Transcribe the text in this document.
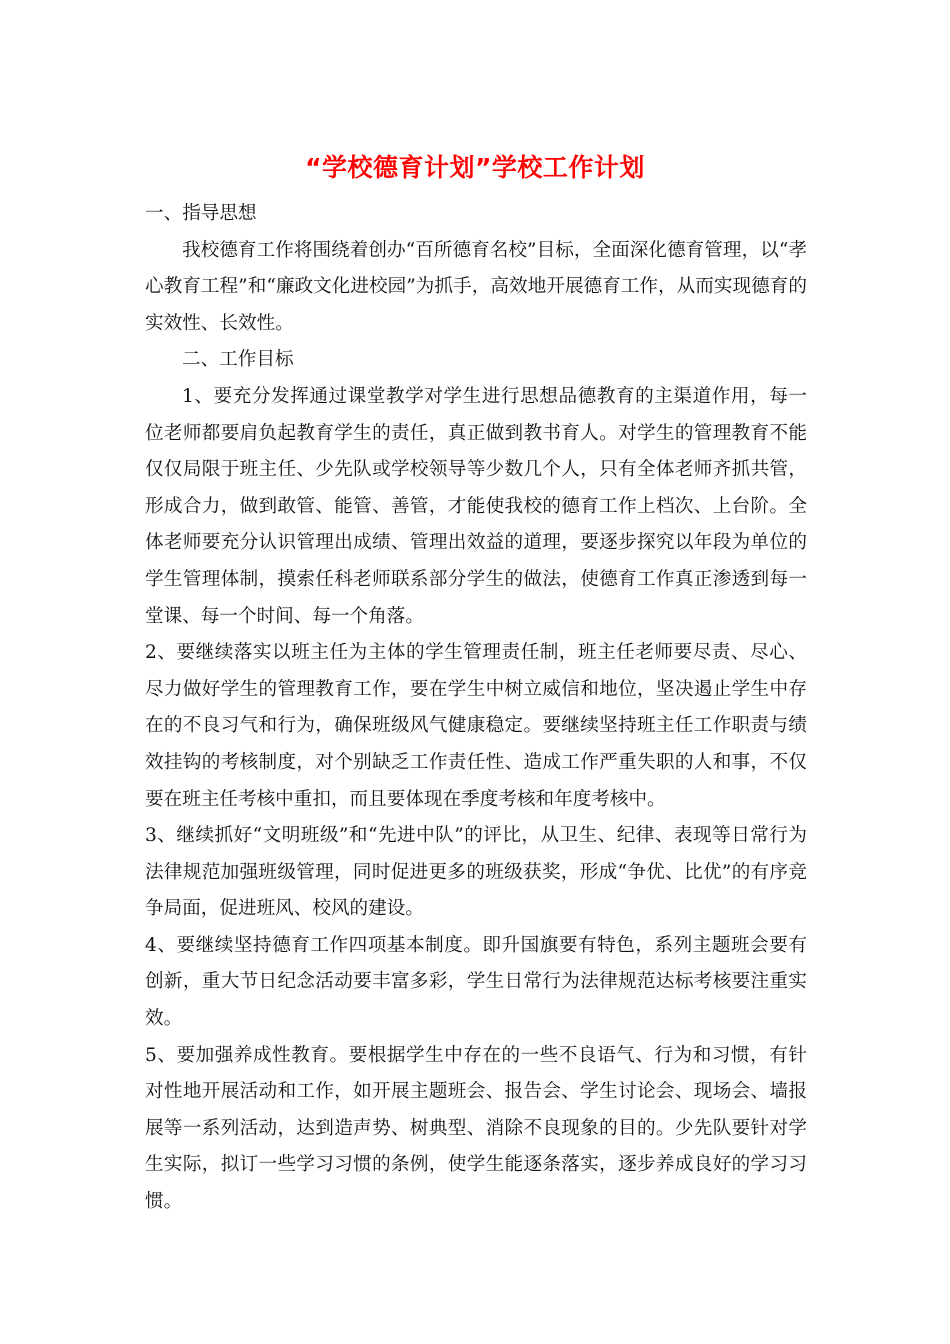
“学校德育计划”学校工作计划

一、指导思想

我校德育工作将围绕着创办“百所德育名校”目标，全面深化德育管理，以“孝心教育工程”和“廉政文化进校园”为抓手，高效地开展德育工作，从而实现德育的实效性、长效性。

二、工作目标

1、要充分发挥通过课堂教学对学生进行思想品德教育的主渠道作用，每一位老师都要肩负起教育学生的责任，真正做到教书育人。对学生的管理教育不能仅仅局限于班主任、少先队或学校领导等少数几个人，只有全体老师齐抓共管，形成合力，做到敢管、能管、善管，才能使我校的德育工作上档次、上台阶。全体老师要充分认识管理出成绩、管理出效益的道理，要逐步探究以年段为单位的学生管理体制，摸索任科老师联系部分学生的做法，使德育工作真正渗透到每一堂课、每一个时间、每一个角落。

2、要继续落实以班主任为主体的学生管理责任制，班主任老师要尽责、尽心、尽力做好学生的管理教育工作，要在学生中树立威信和地位，坚决遏止学生中存在的不良习气和行为，确保班级风气健康稳定。要继续坚持班主任工作职责与绩效挂钩的考核制度，对个别缺乏工作责任性、造成工作严重失职的人和事，不仅要在班主任考核中重扣，而且要体现在季度考核和年度考核中。

3、继续抓好“文明班级”和“先进中队”的评比，从卫生、纪律、表现等日常行为法律规范加强班级管理，同时促进更多的班级获奖，形成“争优、比优”的有序竞争局面，促进班风、校风的建设。

4、要继续坚持德育工作四项基本制度。即升国旗要有特色，系列主题班会要有创新，重大节日纪念活动要丰富多彩，学生日常行为法律规范达标考核要注重实效。

5、要加强养成性教育。要根据学生中存在的一些不良语气、行为和习惯，有针对性地开展活动和工作，如开展主题班会、报告会、学生讨论会、现场会、墙报展等一系列活动，达到造声势、树典型、消除不良现象的目的。少先队要针对学生实际，拟订一些学习习惯的条例，使学生能逐条落实，逐步养成良好的学习习惯。
